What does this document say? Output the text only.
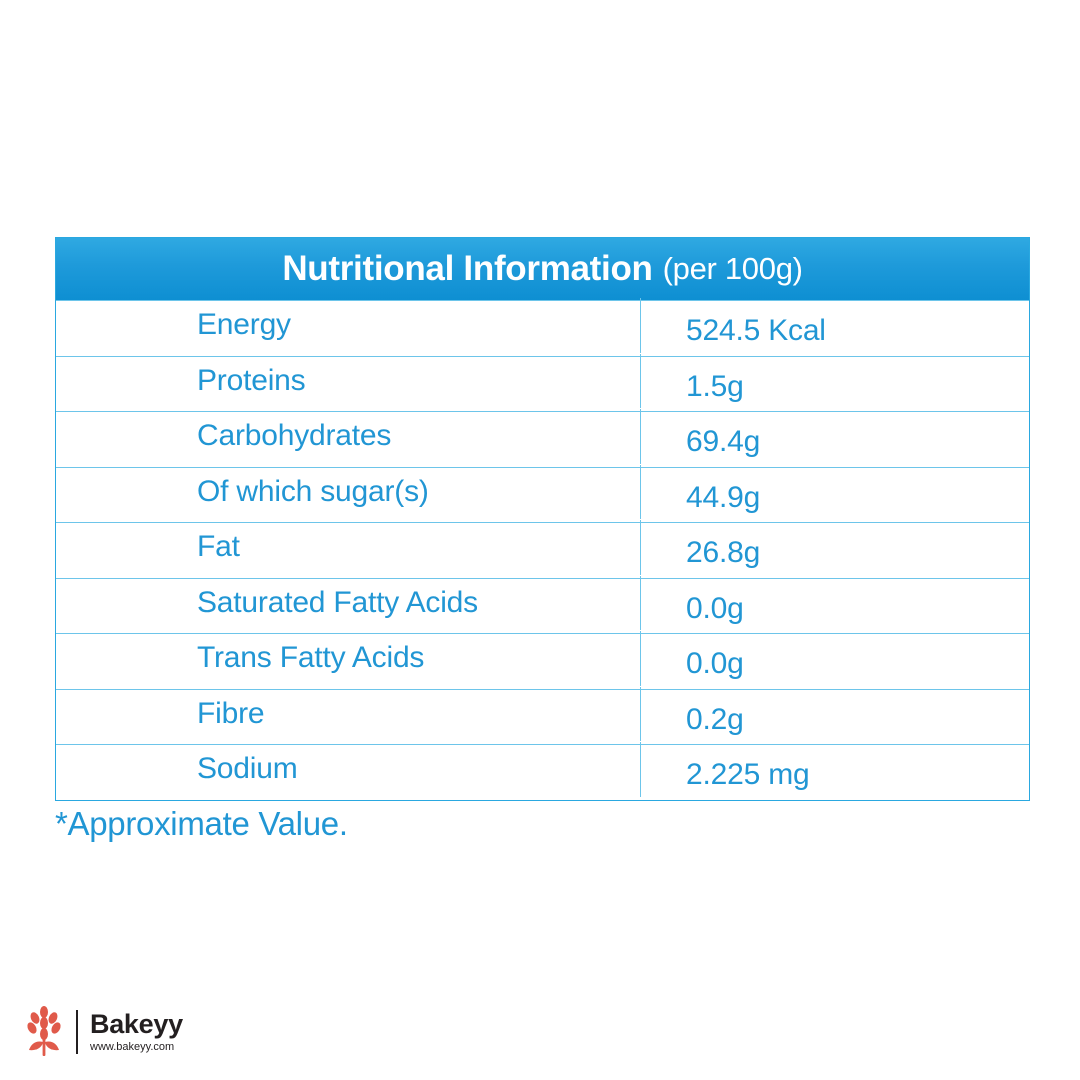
Nutritional Information (per 100g)
Energy	524.5 Kcal
Proteins	1.5g
Carbohydrates	69.4g
Of which sugar(s)	44.9g
Fat	26.8g
Saturated Fatty Acids	0.0g
Trans Fatty Acids	0.0g
Fibre	0.2g
Sodium	2.225 mg
*Approximate Value.
Bakeyy
www.bakeyy.com
